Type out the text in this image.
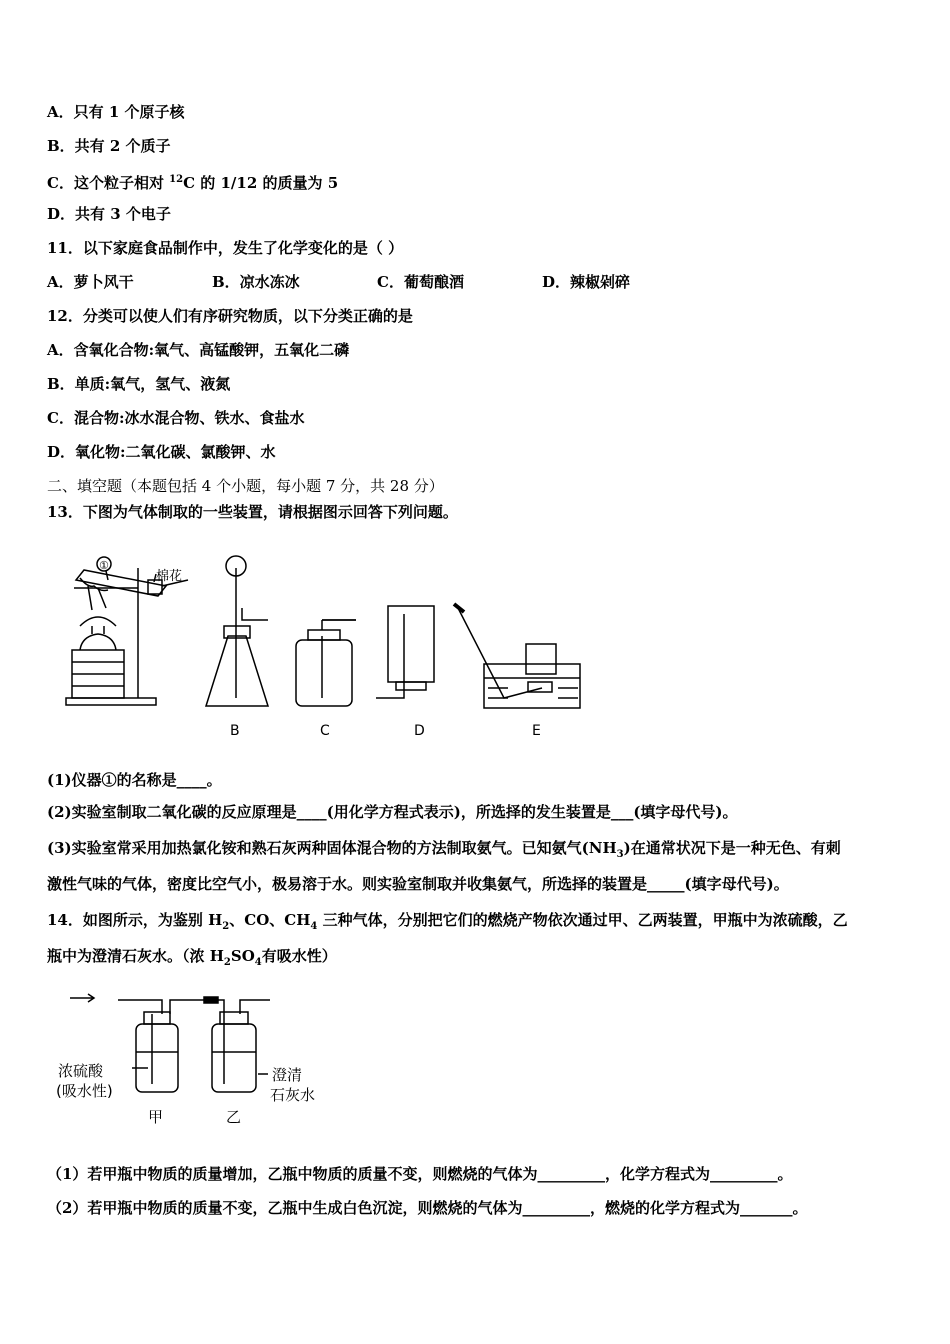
A．只有 1 个原子核
B．共有 2 个质子
C．这个粒子相对 $^{12}$C 的 1/12 的质量为 5
D．共有 3 个电子
11．以下家庭食品制作中，发生了化学变化的是（ ）
A．萝卜风干	B．凉水冻冰	C．葡萄酿酒	D．辣椒剁碎
12．分类可以使人们有序研究物质，以下分类正确的是
A．含氧化合物:氧气、高锰酸钾，五氧化二磷
B．单质:氧气，氢气、液氮
C．混合物:冰水混合物、铁水、食盐水
D．氧化物:二氧化碳、氯酸钾、水
二、填空题（本题包括 4 个小题，每小题 7 分，共 28 分）
13．下图为气体制取的一些装置，请根据图示回答下列问题。
①
棉花
B	C	D	E
(1)仪器①的名称是____。
(2)实验室制取二氧化碳的反应原理是____(用化学方程式表示)，所选择的发生装置是___(填字母代号)。
(3)实验室常采用加热氯化铵和熟石灰两种固体混合物的方法制取氨气。已知氨气$(NH_3)$在通常状况下是一种无色、有刺
激性气味的气体，密度比空气小，极易溶于水。则实验室制取并收集氨气，所选择的装置是_____(填字母代号)。
14．如图所示，为鉴别 $H_2$、CO、$CH_4$ 三种气体，分别把它们的燃烧产物依次通过甲、乙两装置，甲瓶中为浓硫酸，乙
瓶中为澄清石灰水。（浓 $H_2SO_4$有吸水性）
浓硫酸
(吸水性)
澄清
石灰水
甲	乙
（1）若甲瓶中物质的质量增加，乙瓶中物质的质量不变，则燃烧的气体为_________，化学方程式为_________。
（2）若甲瓶中物质的质量不变，乙瓶中生成白色沉淀，则燃烧的气体为_________，燃烧的化学方程式为_______。
